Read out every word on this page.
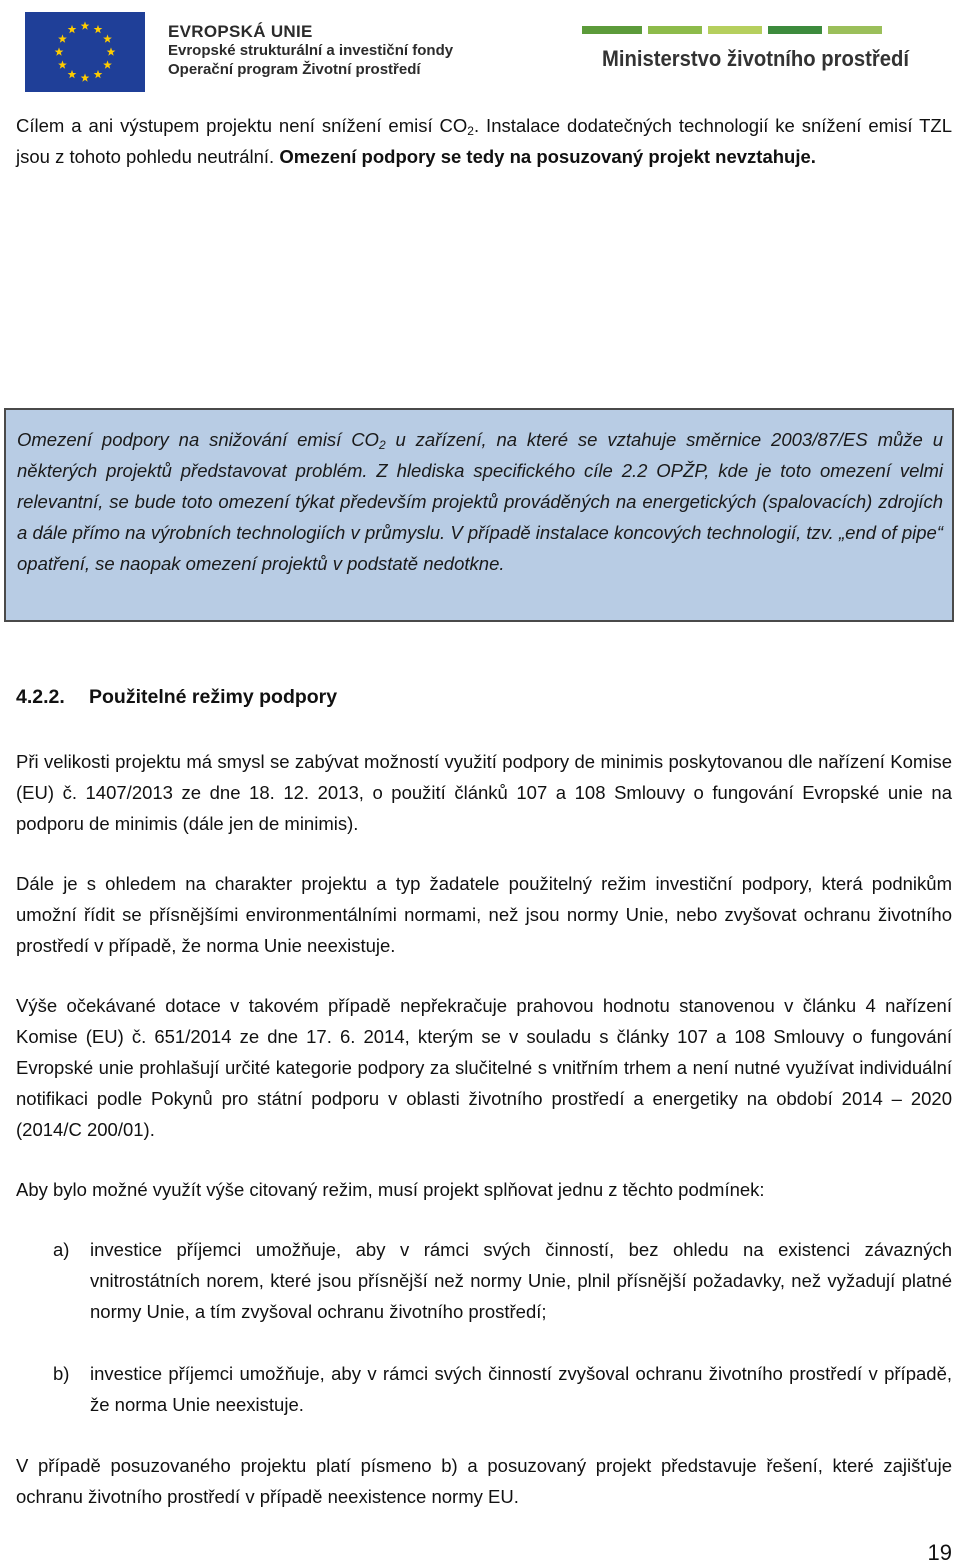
EVROPSKÁ UNIE
Evropské strukturální a investiční fondy
Operační program Životní prostředí	Ministerstvo životního prostředí
Cílem a ani výstupem projektu není snížení emisí $CO_2$. Instalace dodatečných technologií ke snížení emisí TZL jsou z tohoto pohledu neutrální. Omezení podpory se tedy na posuzovaný projekt nevztahuje.
Omezení podpory na snižování emisí $CO_2$ u zařízení, na které se vztahuje směrnice 2003/87/ES může u některých projektů představovat problém. Z hlediska specifického cíle 2.2 OPŽP, kde je toto omezení velmi relevantní, se bude toto omezení týkat především projektů prováděných na energetických (spalovacích) zdrojích a dále přímo na výrobních technologiích v průmyslu. V případě instalace koncových technologií, tzv. „end of pipe“ opatření, se naopak omezení projektů v podstatě nedotkne.
4.2.2. Použitelné režimy podpory
Při velikosti projektu má smysl se zabývat možností využití podpory de minimis poskytovanou dle nařízení Komise (EU) č. 1407/2013 ze dne 18. 12. 2013, o použití článků 107 a 108 Smlouvy o fungování Evropské unie na podporu de minimis (dále jen de minimis).
Dále je s ohledem na charakter projektu a typ žadatele použitelný režim investiční podpory, která podnikům umožní řídit se přísnějšími environmentálními normami, než jsou normy Unie, nebo zvyšovat ochranu životního prostředí v případě, že norma Unie neexistuje.
Výše očekávané dotace v takovém případě nepřekračuje prahovou hodnotu stanovenou v článku 4 nařízení Komise (EU) č. 651/2014 ze dne 17. 6. 2014, kterým se v souladu s články 107 a 108 Smlouvy o fungování Evropské unie prohlašují určité kategorie podpory za slučitelné s vnitřním trhem a není nutné využívat individuální notifikaci podle Pokynů pro státní podporu v oblasti životního prostředí a energetiky na období 2014 – 2020 (2014/C 200/01).
Aby bylo možné využít výše citovaný režim, musí projekt splňovat jednu z těchto podmínek:
a) investice příjemci umožňuje, aby v rámci svých činností, bez ohledu na existenci závazných vnitrostátních norem, které jsou přísnější než normy Unie, plnil přísnější požadavky, než vyžadují platné normy Unie, a tím zvyšoval ochranu životního prostředí;
b) investice příjemci umožňuje, aby v rámci svých činností zvyšoval ochranu životního prostředí v případě, že norma Unie neexistuje.
V případě posuzovaného projektu platí písmeno b) a posuzovaný projekt představuje řešení, které zajišťuje ochranu životního prostředí v případě neexistence normy EU.
19
